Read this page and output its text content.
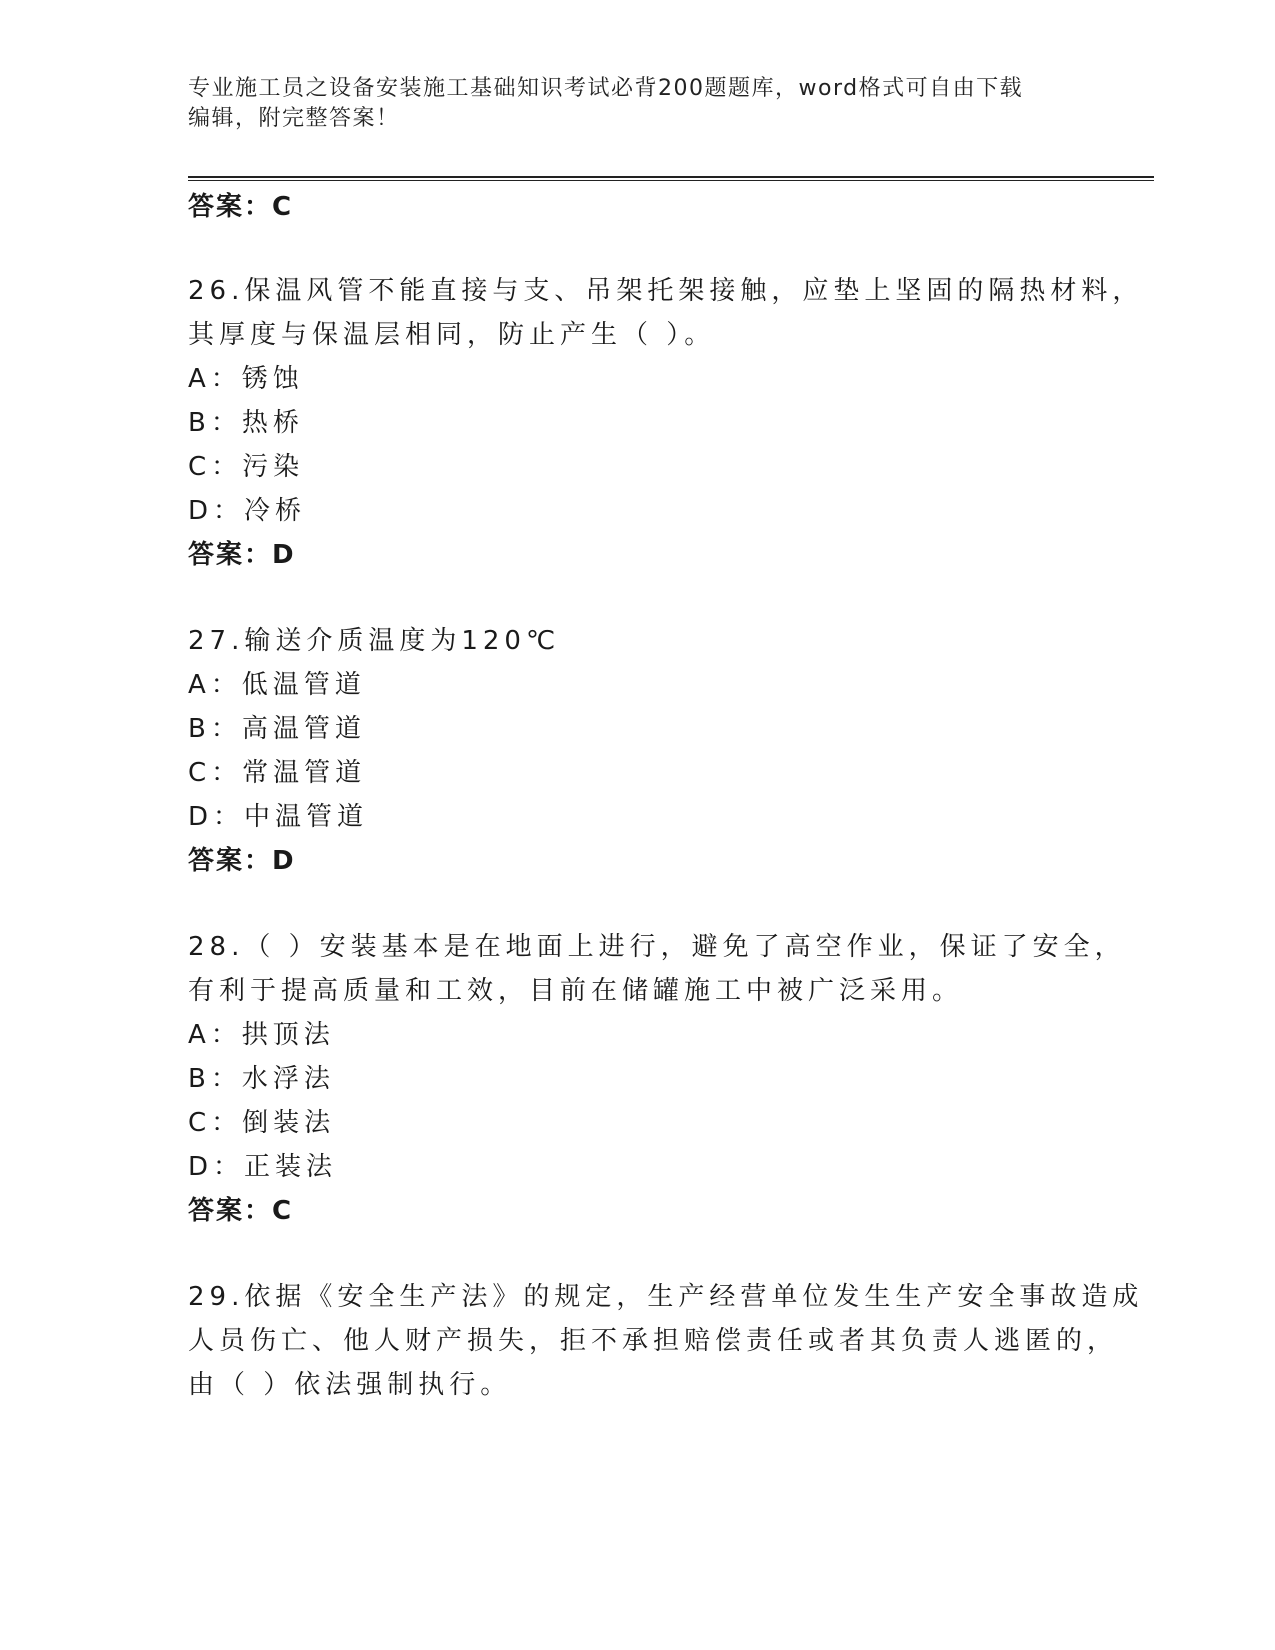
专业施工员之设备安装施工基础知识考试必背200题题库，word格式可自由下载
编辑，附完整答案！
答案：C
26.保温风管不能直接与支、吊架托架接触，应垫上坚固的隔热材料，
其厚度与保温层相同，防止产生（ ）。
A：锈蚀
B：热桥
C：污染
D：冷桥
答案：D
27.输送介质温度为120℃
A：低温管道
B：高温管道
C：常温管道
D：中温管道
答案：D
28.（ ）安装基本是在地面上进行，避免了高空作业，保证了安全，
有利于提高质量和工效，目前在储罐施工中被广泛采用。
A：拱顶法
B：水浮法
C：倒装法
D：正装法
答案：C
29.依据《安全生产法》的规定，生产经营单位发生生产安全事故造成
人员伤亡、他人财产损失，拒不承担赔偿责任或者其负责人逃匿的，
由（ ）依法强制执行。
